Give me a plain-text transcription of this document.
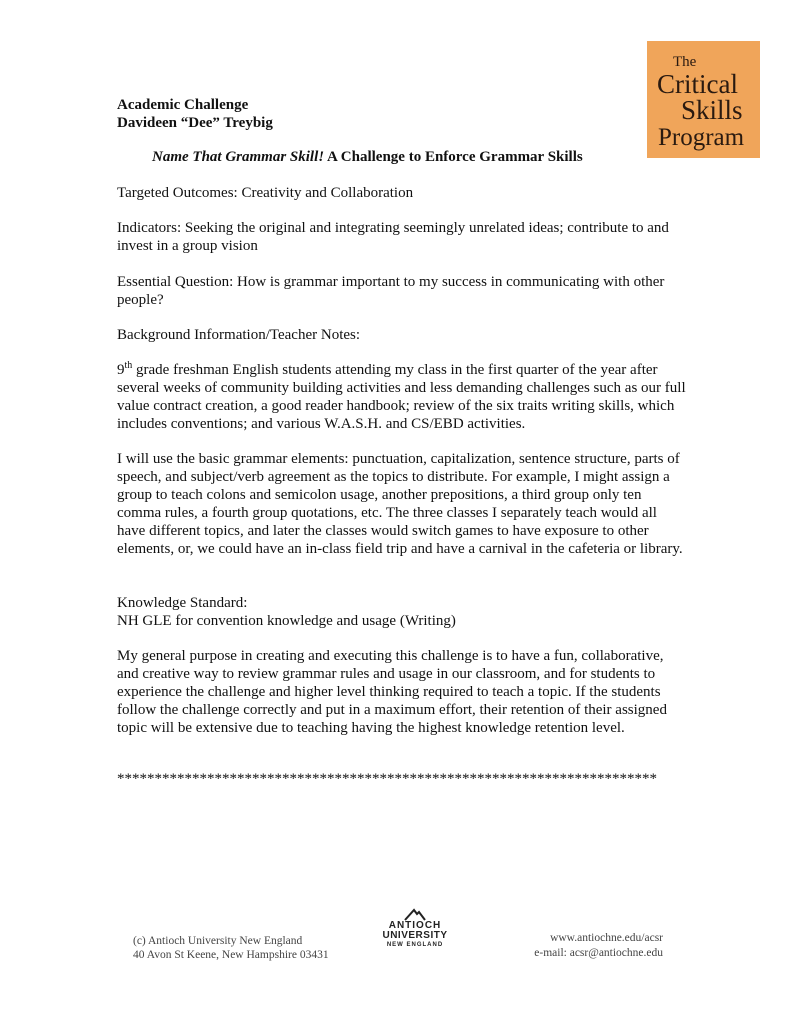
Academic Challenge
Davideen “Dee” Treybig
The
Critical
Skills
Program
Name That Grammar Skill! A Challenge to Enforce Grammar Skills

Targeted Outcomes: Creativity and Collaboration

Indicators: Seeking the original and integrating seemingly unrelated ideas; contribute to and invest in a group vision

Essential Question: How is grammar important to my success in communicating with other people?

Background Information/Teacher Notes:

9th grade freshman English students attending my class in the first quarter of the year after several weeks of community building activities and less demanding challenges such as our full value contract creation, a good reader handbook; review of the six traits writing skills, which includes conventions; and various W.A.S.H. and CS/EBD activities.

I will use the basic grammar elements: punctuation, capitalization, sentence structure, parts of speech, and subject/verb agreement as the topics to distribute. For example, I might assign a group to teach colons and semicolon usage, another prepositions, a third group only ten comma rules, a fourth group quotations, etc. The three classes I separately teach would all have different topics, and later the classes would switch games to have exposure to other elements, or, we could have an in-class field trip and have a carnival in the cafeteria or library.

Knowledge Standard:

NH GLE for convention knowledge and usage (Writing)

My general purpose in creating and executing this challenge is to have a fun, collaborative, and creative way to review grammar rules and usage in our classroom, and for students to experience the challenge and higher level thinking required to teach a topic. If the students follow the challenge correctly and put in a maximum effort, their retention of their assigned topic will be extensive due to teaching having the highest knowledge retention level.

************************************************************************
(c) Antioch University New England
40 Avon St Keene, New Hampshire 03431
ANTIOCH
UNIVERSITY
NEW ENGLAND
www.antiochne.edu/acsr
e-mail: acsr@antiochne.edu
